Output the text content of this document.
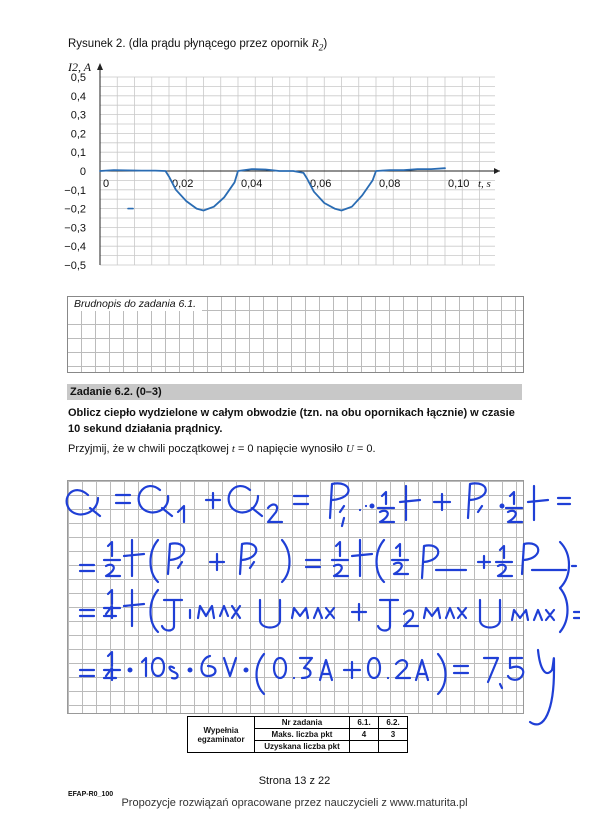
Rysunek 2. (dla prądu płynącego przez opornik $R_2$)
0,5
0,4
0,3
0,2
0,1
0
−0,1
−0,2
−0,3
−0,4
−0,5
0	0,02	0,04	0,06	0,08	0,10
I2, A
t, s
Brudnopis do zadania 6.1.
Zadanie 6.2. (0–3)
Oblicz ciepło wydzielone w całym obwodzie (tzn. na obu opornikach łącznie) w czasie
10 sekund działania prądnicy.
Przyjmij, że w chwili początkowej t = 0 napięcie wynosiło U = 0.
Wypełnia egzaminator	Nr zadania	6.1.	6.2.
	Maks. liczba pkt	4	3
	Uzyskana liczba pkt		
Strona 13 z 22
EFAP-R0_100
Propozycje rozwiązań opracowane przez nauczycieli z www.maturita.pl
